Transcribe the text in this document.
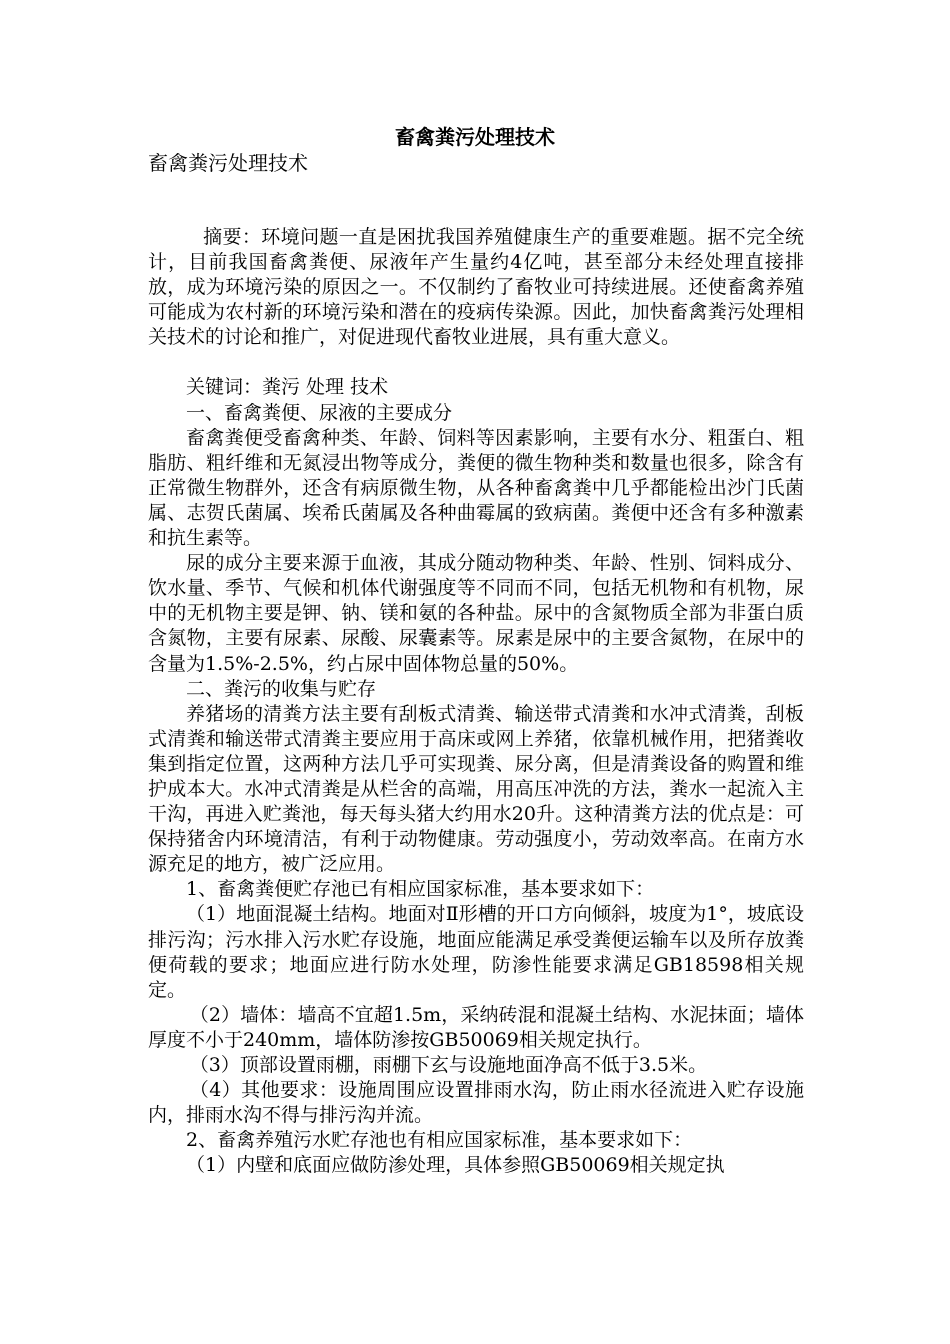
畜禽粪污处理技术
畜禽粪污处理技术

摘要：环境问题一直是困扰我国养殖健康生产的重要难题。据不完全统计，目前我国畜禽粪便、尿液年产生量约4亿吨，甚至部分未经处理直接排放，成为环境污染的原因之一。不仅制约了畜牧业可持续进展。还使畜禽养殖可能成为农村新的环境污染和潜在的疫病传染源。因此，加快畜禽粪污处理相关技术的讨论和推广，对促进现代畜牧业进展，具有重大意义。

关键词：粪污 处理 技术

一、畜禽粪便、尿液的主要成分

畜禽粪便受畜禽种类、年龄、饲料等因素影响，主要有水分、粗蛋白、粗脂肪、粗纤维和无氮浸出物等成分，粪便的微生物种类和数量也很多，除含有正常微生物群外，还含有病原微生物，从各种畜禽粪中几乎都能检出沙门氏菌属、志贺氏菌属、埃希氏菌属及各种曲霉属的致病菌。粪便中还含有多种激素和抗生素等。

尿的成分主要来源于血液，其成分随动物种类、年龄、性别、饲料成分、饮水量、季节、气候和机体代谢强度等不同而不同，包括无机物和有机物，尿中的无机物主要是钾、钠、镁和氨的各种盐。尿中的含氮物质全部为非蛋白质含氮物，主要有尿素、尿酸、尿囊素等。尿素是尿中的主要含氮物，在尿中的含量为1.5%-2.5%，约占尿中固体物总量的50%。

二、粪污的收集与贮存

养猪场的清粪方法主要有刮板式清粪、输送带式清粪和水冲式清粪，刮板式清粪和输送带式清粪主要应用于高床或网上养猪，依靠机械作用，把猪粪收集到指定位置，这两种方法几乎可实现粪、尿分离，但是清粪设备的购置和维护成本大。水冲式清粪是从栏舍的高端，用高压冲洗的方法，粪水一起流入主干沟，再进入贮粪池，每天每头猪大约用水20升。这种清粪方法的优点是：可保持猪舍内环境清洁，有利于动物健康。劳动强度小，劳动效率高。在南方水源充足的地方，被广泛应用。

1、畜禽粪便贮存池已有相应国家标准，基本要求如下：

（1）地面混凝土结构。地面对Ⅱ形槽的开口方向倾斜，坡度为1°，坡底设排污沟；污水排入污水贮存设施，地面应能满足承受粪便运输车以及所存放粪便荷载的要求；地面应进行防水处理，防渗性能要求满足GB18598相关规定。

（2）墙体：墙高不宜超1.5m，采纳砖混和混凝土结构、水泥抹面；墙体厚度不小于240mm，墙体防渗按GB50069相关规定执行。

（3）顶部设置雨棚，雨棚下玄与设施地面净高不低于3.5米。

（4）其他要求：设施周围应设置排雨水沟，防止雨水径流进入贮存设施内，排雨水沟不得与排污沟并流。

2、畜禽养殖污水贮存池也有相应国家标准，基本要求如下：

（1）内壁和底面应做防渗处理，具体参照GB50069相关规定执
